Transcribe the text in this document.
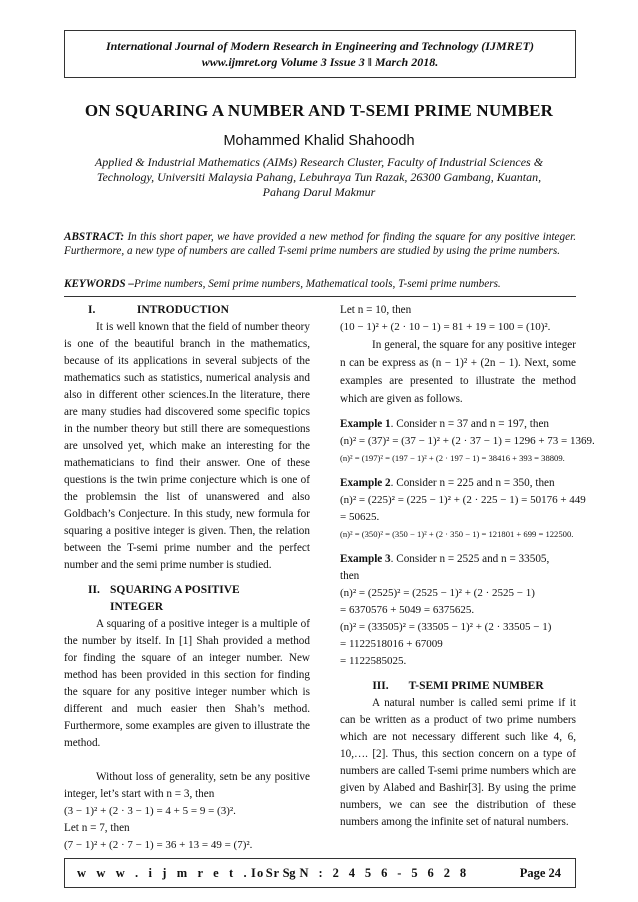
International Journal of Modern Research in Engineering and Technology (IJMRET)
www.ijmret.org Volume 3 Issue 3 ǁ March 2018.
ON SQUARING A NUMBER AND T-SEMI PRIME NUMBER
Mohammed Khalid Shahoodh
Applied & Industrial Mathematics (AIMs) Research Cluster, Faculty of Industrial Sciences & Technology, Universiti Malaysia Pahang, Lebuhraya Tun Razak, 26300 Gambang, Kuantan, Pahang Darul Makmur
ABSTRACT: In this short paper, we have provided a new method for finding the square for any positive integer. Furthermore, a new type of numbers are called T-semi prime numbers are studied by using the prime numbers.
KEYWORDS –Prime numbers, Semi prime numbers, Mathematical tools, T-semi prime numbers.
I.	INTRODUCTION
It is well known that the field of number theory is one of the beautiful branch in the mathematics, because of its applications in several subjects of the mathematics such as statistics, numerical analysis and also in different other sciences.In the literature, there are many studies had discovered some specific topics in the number theory but still there are somequestions are unsolved yet, which make an interesting for the mathematicians to find their answer. One of these questions is the twin prime conjecture which is one of the problemsin the list of unanswered and also Goldbach’s Conjecture. In this study, new formula for squaring a positive integer is given. Then, the relation between the T-semi prime number and the perfect number and the semi prime number is studied.
II. SQUARING A POSITIVE
INTEGER
A squaring of a positive integer is a multiple of the number by itself. In [1] Shah provided a method for finding the square of an integer number. New method has been provided in this section for finding the square for any positive integer number which is different and much easier then Shah’s method. Furthermore, some examples are given to illustrate the method.
Without loss of generality, setn be any positive integer, let’s start with n = 3, then
(3 − 1)² + (2 · 3 − 1) = 4 + 5 = 9 = (3)².
Let n = 7, then
(7 − 1)² + (2 · 7 − 1) = 36 + 13 = 49 = (7)².
Let n = 10, then
(10 − 1)² + (2 · 10 − 1) = 81 + 19 = 100 = (10)².
In general, the square for any positive integer n can be express as (n − 1)² + (2n − 1). Next, some examples are presented to illustrate the method which are given as follows.
Example 1. Consider n = 37 and n = 197, then
(n)² = (37)² = (37 − 1)² + (2 · 37 − 1) = 1296 + 73 = 1369.
(n)² = (197)² = (197 − 1)² + (2 · 197 − 1) = 38416 + 393 = 38809.
Example 2. Consider n = 225 and n = 350, then
(n)² = (225)² = (225 − 1)² + (2 · 225 − 1) = 50176 + 449
= 50625.
(n)² = (350)² = (350 − 1)² + (2 · 350 − 1) = 121801 + 699 = 122500.
Example 3. Consider n = 2525 and n = 33505,
then
(n)² = (2525)² = (2525 − 1)² + (2 · 2525 − 1)
= 6370576 + 5049 = 6375625.
(n)² = (33505)² = (33505 − 1)² + (2 · 33505 − 1)
= 1122518016 + 67009
= 1122585025.
III. T-SEMI PRIME NUMBER
A natural number is called semi prime if it can be written as a product of two prime numbers which are not necessary different such like 4, 6, 10,…. [2]. Thus, this section concern on a type of numbers are called T-semi prime numbers which are given by Alabed and Bashir[3]. By using the prime numbers, we can see the distribution of these numbers among the infinite set of natural numbers.
w w w . i j m r e t . o r g
I S S N : 2 4 5 6 - 5 6 2 8	Page 24
